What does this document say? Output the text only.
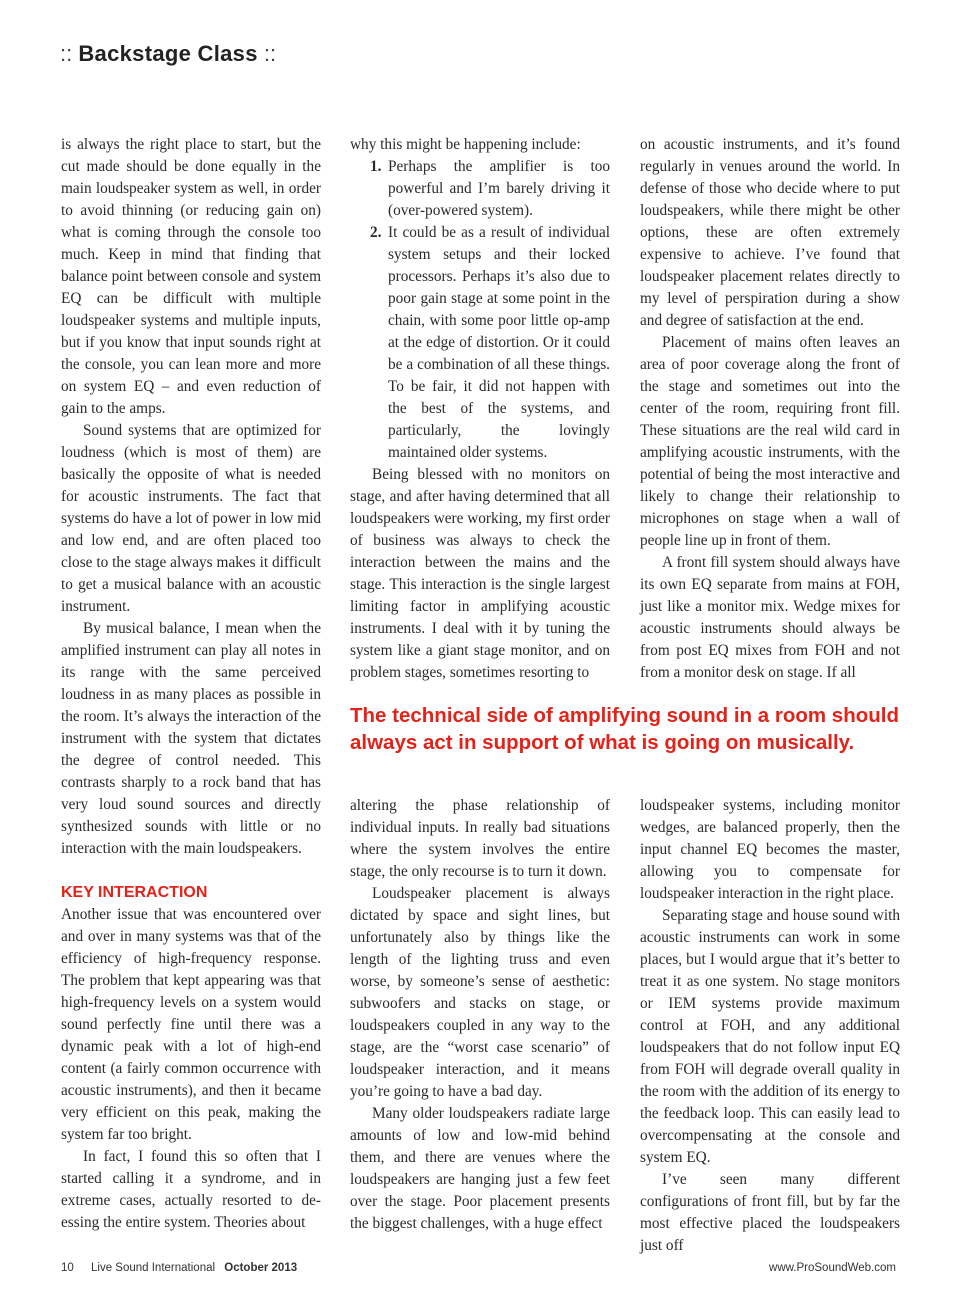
:: Backstage Class ::

is always the right place to start, but the cut made should be done equally in the main loudspeaker system as well, in order to avoid thinning (or reducing gain on) what is coming through the console too much. Keep in mind that finding that balance point between console and system EQ can be difficult with multiple loudspeaker systems and multiple inputs, but if you know that input sounds right at the console, you can lean more and more on system EQ – and even reduction of gain to the amps.

Sound systems that are optimized for loudness (which is most of them) are basically the opposite of what is needed for acoustic instruments. The fact that systems do have a lot of power in low mid and low end, and are often placed too close to the stage always makes it difficult to get a musical balance with an acoustic instrument.

By musical balance, I mean when the amplified instrument can play all notes in its range with the same perceived loudness in as many places as possible in the room. It’s always the interaction of the instrument with the system that dictates the degree of control needed. This contrasts sharply to a rock band that has very loud sound sources and directly synthesized sounds with little or no interaction with the main loudspeakers.

KEY INTERACTION

Another issue that was encountered over and over in many systems was that of the efficiency of high-frequency response. The problem that kept appearing was that high-frequency levels on a system would sound perfectly fine until there was a dynamic peak with a lot of high-end content (a fairly common occurrence with acoustic instruments), and then it became very efficient on this peak, making the system far too bright.

In fact, I found this so often that I started calling it a syndrome, and in extreme cases, actually resorted to de-essing the entire system. Theories about

why this might be happening include:

1. Perhaps the amplifier is too powerful and I’m barely driving it (over-powered system).
2. It could be as a result of individual system setups and their locked processors. Perhaps it’s also due to poor gain stage at some point in the chain, with some poor little op-amp at the edge of distortion. Or it could be a combination of all these things. To be fair, it did not happen with the best of the systems, and particularly, the lovingly maintained older systems.

Being blessed with no monitors on stage, and after having determined that all loudspeakers were working, my first order of business was always to check the interaction between the mains and the stage. This interaction is the single largest limiting factor in amplifying acoustic instruments. I deal with it by tuning the system like a giant stage monitor, and on problem stages, sometimes resorting to

on acoustic instruments, and it’s found regularly in venues around the world. In defense of those who decide where to put loudspeakers, while there might be other options, these are often extremely expensive to achieve. I’ve found that loudspeaker placement relates directly to my level of perspiration during a show and degree of satisfaction at the end.

Placement of mains often leaves an area of poor coverage along the front of the stage and sometimes out into the center of the room, requiring front fill. These situations are the real wild card in amplifying acoustic instruments, with the potential of being the most interactive and likely to change their relationship to microphones on stage when a wall of people line up in front of them.

A front fill system should always have its own EQ separate from mains at FOH, just like a monitor mix. Wedge mixes for acoustic instruments should always be from post EQ mixes from FOH and not from a monitor desk on stage. If all

The technical side of amplifying sound in a room should always act in support of what is going on musically.

altering the phase relationship of individual inputs. In really bad situations where the system involves the entire stage, the only recourse is to turn it down.

Loudspeaker placement is always dictated by space and sight lines, but unfortunately also by things like the length of the lighting truss and even worse, by someone’s sense of aesthetic: subwoofers and stacks on stage, or loudspeakers coupled in any way to the stage, are the “worst case scenario” of loudspeaker interaction, and it means you’re going to have a bad day.

Many older loudspeakers radiate large amounts of low and low-mid behind them, and there are venues where the loudspeakers are hanging just a few feet over the stage. Poor placement presents the biggest challenges, with a huge effect

loudspeaker systems, including monitor wedges, are balanced properly, then the input channel EQ becomes the master, allowing you to compensate for loudspeaker interaction in the right place.

Separating stage and house sound with acoustic instruments can work in some places, but I would argue that it’s better to treat it as one system. No stage monitors or IEM systems provide maximum control at FOH, and any additional loudspeakers that do not follow input EQ from FOH will degrade overall quality in the room with the addition of its energy to the feedback loop. This can easily lead to overcompensating at the console and system EQ.

I’ve seen many different configurations of front fill, but by far the most effective placed the loudspeakers just off

10 Live Sound International October 2013	www.ProSoundWeb.com
